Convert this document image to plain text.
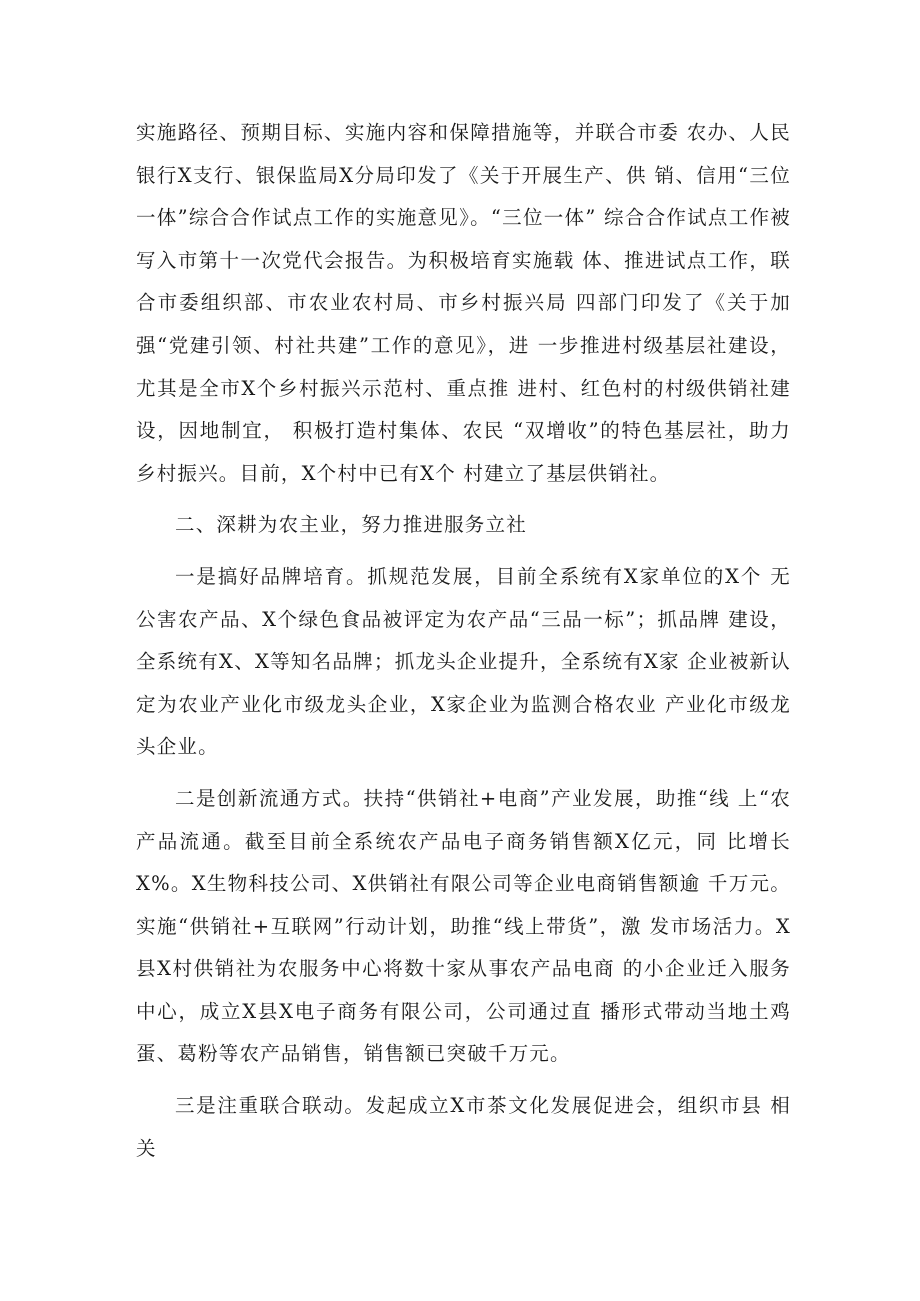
实施路径、预期目标、实施内容和保障措施等，并联合市委 农办、人民银行X支行、银保监局X分局印发了《关于开展生产、供 销、信用“三位一体”综合合作试点工作的实施意见》。“三位一体” 综合合作试点工作被写入市第十一次党代会报告。为积极培育实施载 体、推进试点工作，联合市委组织部、市农业农村局、市乡村振兴局 四部门印发了《关于加强“党建引领、村社共建”工作的意见》，进 一步推进村级基层社建设，尤其是全市X个乡村振兴示范村、重点推 进村、红色村的村级供销社建设，因地制宜， 积极打造村集体、农民 “双增收”的特色基层社，助力乡村振兴。目前，X个村中已有X个 村建立了基层供销社。

二、深耕为农主业，努力推进服务立社

一是搞好品牌培育。抓规范发展，目前全系统有X家单位的X个 无公害农产品、X个绿色食品被评定为农产品“三品一标”；抓品牌 建设，全系统有X、X等知名品牌；抓龙头企业提升，全系统有X家 企业被新认定为农业产业化市级龙头企业，X家企业为监测合格农业 产业化市级龙头企业。

二是创新流通方式。扶持“供销社+电商”产业发展，助推“线 上“农产品流通。截至目前全系统农产品电子商务销售额X亿元，同 比增长X%。X生物科技公司、X供销社有限公司等企业电商销售额逾 千万元。实施“供销社+互联网”行动计划，助推“线上带货”，激 发市场活力。X县X村供销社为农服务中心将数十家从事农产品电商 的小企业迁入服务中心，成立X县X电子商务有限公司，公司通过直 播形式带动当地土鸡蛋、葛粉等农产品销售，销售额已突破千万元。

三是注重联合联动。发起成立X市茶文化发展促进会，组织市县 相关
